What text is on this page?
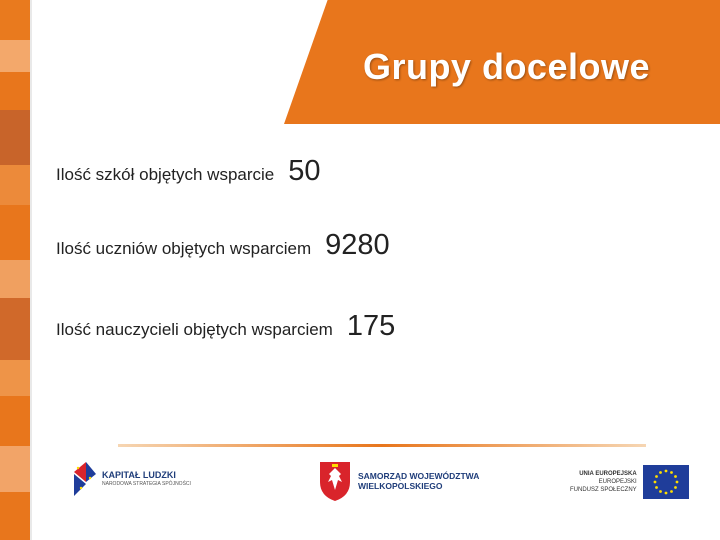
Grupy docelowe
Ilość szkół objętych wsparcie 50
Ilość uczniów objętych wsparciem 9280
Ilość nauczycieli objętych wsparciem 175
KAPITAŁ LUDZKI
NARODOWA STRATEGIA SPÓJNOŚCI
SAMORZĄD WOJEWÓDZTWA
WIELKOPOLSKIEGO
UNIA EUROPEJSKA
EUROPEJSKI
FUNDUSZ SPOŁECZNY
